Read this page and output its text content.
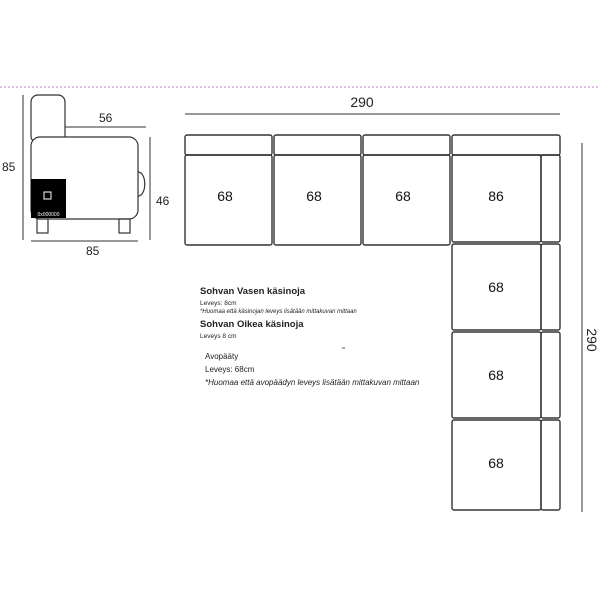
0x000000
85
85
56
46
290
290
68	68	68	86
68
68
68
Sohvan Vasen käsinoja
Leveys: 8cm
*Huomaa että käsinojan leveys lisätään mittakuvan mittaan
Sohvan Oikea käsinoja
Leveys 8 cm
Avopääty
Leveys: 68cm
*Huomaa että avopäädyn leveys lisätään mittakuvan mittaan
